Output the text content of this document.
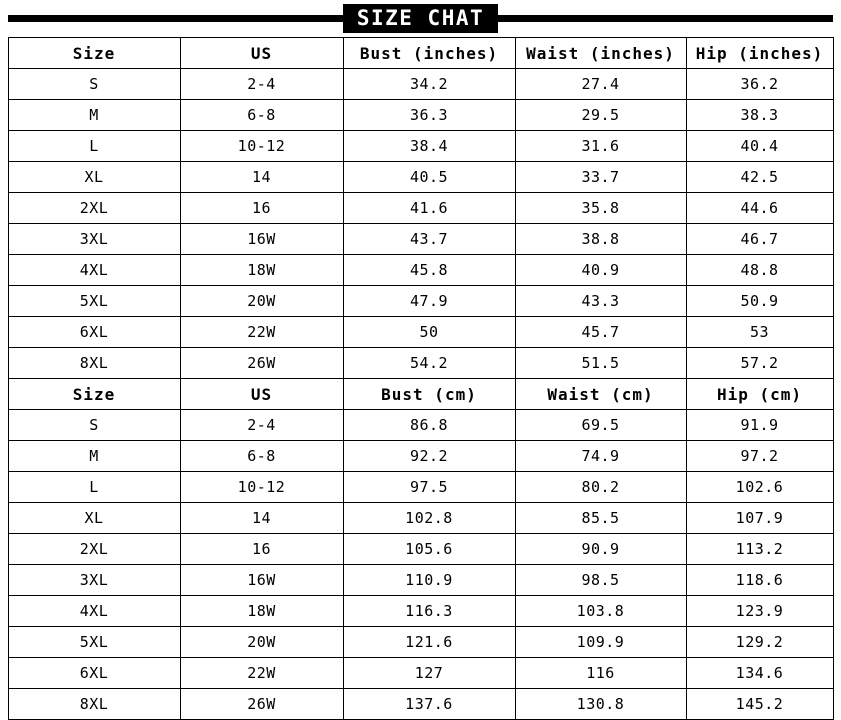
SIZE CHAT
Size	US	Bust (inches)	Waist (inches)	Hip (inches)
S	2-4	34.2	27.4	36.2
M	6-8	36.3	29.5	38.3
L	10-12	38.4	31.6	40.4
XL	14	40.5	33.7	42.5
2XL	16	41.6	35.8	44.6
3XL	16W	43.7	38.8	46.7
4XL	18W	45.8	40.9	48.8
5XL	20W	47.9	43.3	50.9
6XL	22W	50	45.7	53
8XL	26W	54.2	51.5	57.2
Size	US	Bust (cm)	Waist (cm)	Hip (cm)
S	2-4	86.8	69.5	91.9
M	6-8	92.2	74.9	97.2
L	10-12	97.5	80.2	102.6
XL	14	102.8	85.5	107.9
2XL	16	105.6	90.9	113.2
3XL	16W	110.9	98.5	118.6
4XL	18W	116.3	103.8	123.9
5XL	20W	121.6	109.9	129.2
6XL	22W	127	116	134.6
8XL	26W	137.6	130.8	145.2
